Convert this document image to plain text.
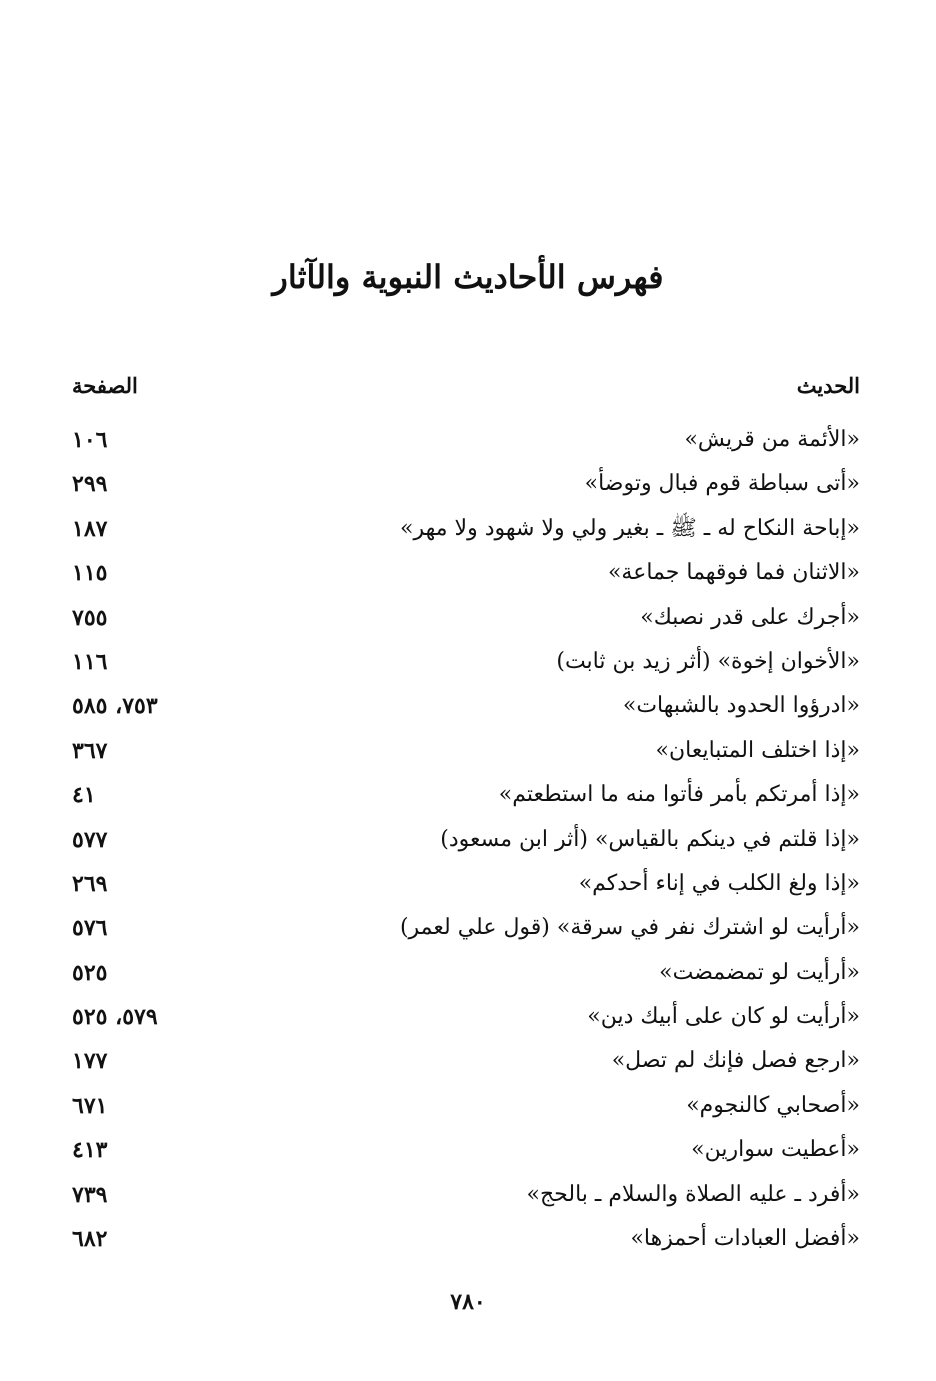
فهرس الأحاديث النبوية والآثار
الحديث
الصفحة
«الأئمة من قريش»
١٠٦
«أتى سباطة قوم فبال وتوضأ»
٢٩٩
«إباحة النكاح له ـ ﷺ ـ بغير ولي ولا شهود ولا مهر»
١٨٧
«الاثنان فما فوقهما جماعة»
١١٥
«أجرك على قدر نصبك»
٧٥٥
«الأخوان إخوة» (أثر زيد بن ثابت)
١١٦
«ادرؤوا الحدود بالشبهات»
٧٥٣، ٥٨٥
«إذا اختلف المتبايعان»
٣٦٧
«إذا أمرتكم بأمر فأتوا منه ما استطعتم»
٤١
«إذا قلتم في دينكم بالقياس» (أثر ابن مسعود)
٥٧٧
«إذا ولغ الكلب في إناء أحدكم»
٢٦٩
«أرأيت لو اشترك نفر في سرقة» (قول علي لعمر)
٥٧٦
«أرأيت لو تمضمضت»
٥٢٥
«أرأيت لو كان على أبيك دين»
٥٧٩، ٥٢٥
«ارجع فصل فإنك لم تصل»
١٧٧
«أصحابي كالنجوم»
٦٧١
«أعطيت سوارين»
٤١٣
«أفرد ـ عليه الصلاة والسلام ـ بالحج»
٧٣٩
«أفضل العبادات أحمزها»
٦٨٢
٧٨٠
